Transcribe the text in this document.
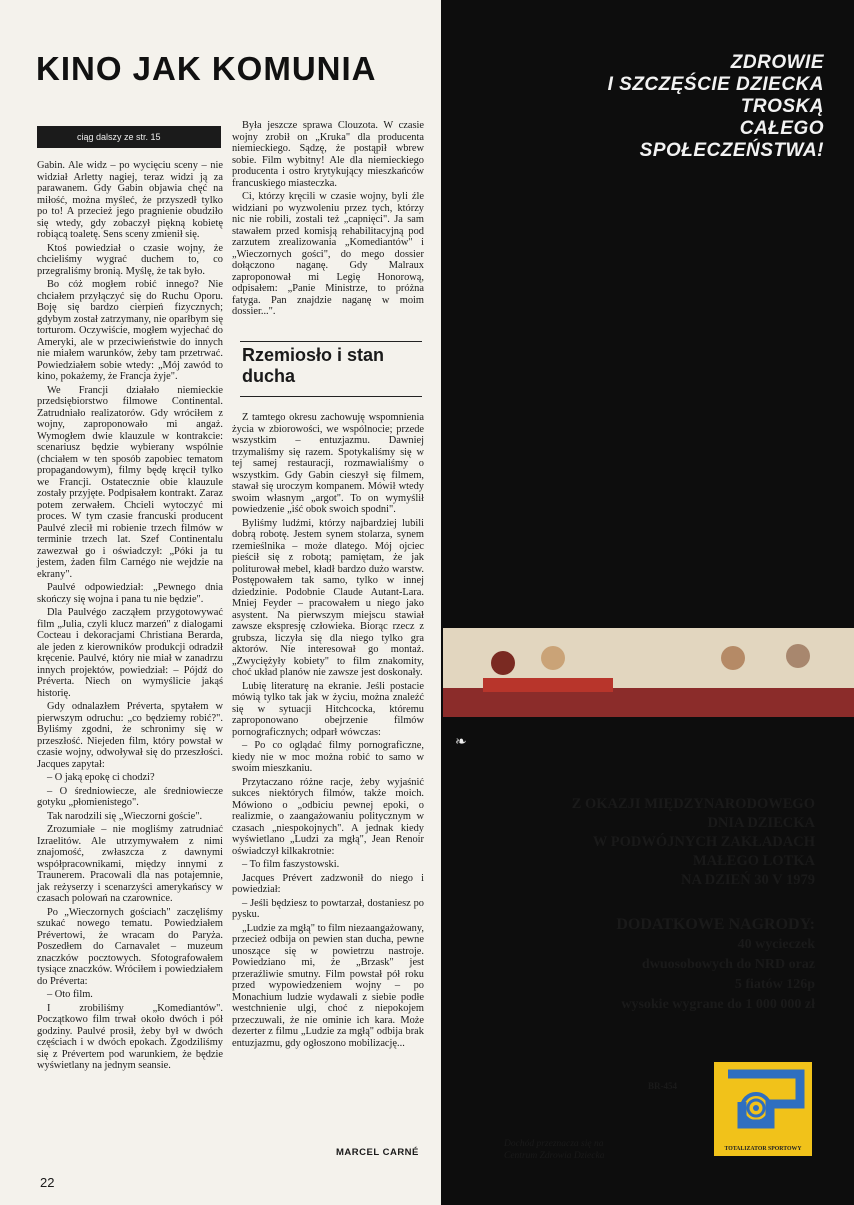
KINO JAK KOMUNIA
ciąg dalszy ze str. 15

Gabin. Ale widz – po wycięciu sceny – nie widział Arletty nagiej, teraz widzi ją za parawanem. Gdy Gabin objawia chęć na miłość, można myśleć, że przyszedł tylko po to! A przecież jego pragnienie obudziło się wtedy, gdy zobaczył piękną kobietę robiącą toaletę. Sens sceny zmienił się.

Ktoś powiedział o czasie wojny, że chcieliśmy wygrać duchem to, co przegraliśmy bronią. Myślę, że tak było.

Bo cóż mogłem robić innego? Nie chciałem przyłączyć się do Ruchu Oporu. Boję się bardzo cierpień fizycznych; gdybym został zatrzymany, nie oparłbym się torturom. Oczywiście, mogłem wyjechać do Ameryki, ale w przeciwieństwie do innych nie miałem warunków, żeby tam przetrwać. Powiedziałem sobie wtedy: „Mój zawód to kino, pokażemy, że Francja żyje".

We Francji działało niemieckie przedsiębiorstwo filmowe Continental. Zatrudniało realizatorów. Gdy wróciłem z wojny, zaproponowało mi angaż. Wymogłem dwie klauzule w kontrakcie: scenariusz będzie wybierany wspólnie (chciałem w ten sposób zapobiec tematom propagandowym), filmy będę kręcił tylko we Francji. Ostatecznie obie klauzule zostały przyjęte. Podpisałem kontrakt. Zaraz potem zerwałem. Chcieli wytoczyć mi proces. W tym czasie francuski producent Paulvé zlecił mi robienie trzech filmów w terminie trzech lat. Szef Continentalu zawezwał go i oświadczył: „Póki ja tu jestem, żaden film Carnégo nie wejdzie na ekrany".

Paulvé odpowiedział: „Pewnego dnia skończy się wojna i pana tu nie będzie".

Dla Paulvégo zacząłem przygotowywać film „Julia, czyli klucz marzeń" z dialogami Cocteau i dekoracjami Christiana Berarda, ale jeden z kierowników produkcji odradził kręcenie. Paulvé, który nie miał w zanadrzu innych projektów, powiedział: – Pójdź do Préverta. Niech on wymyślicie jakąś historię.

Gdy odnalazłem Préverta, spytałem w pierwszym odruchu: „co będziemy robić?". Byliśmy zgodni, że schronimy się w przeszłość. Niejeden film, który powstał w czasie wojny, odwoływał się do przeszłości. Jacques zapytał:

– O jaką epokę ci chodzi?

– O średniowiecze, ale średniowiecze gotyku „płomienistego".

Tak narodzili się „Wieczorni goście".

Zrozumiałe – nie mogliśmy zatrudniać Izraelitów. Ale utrzymywałem z nimi znajomość, zwłaszcza z dawnymi współpracownikami, między innymi z Traunerem. Pracowali dla nas potajemnie, jak reżyserzy i scenarzyści amerykańscy w czasach polowań na czarownice.

Po „Wieczornych gościach" zaczęliśmy szukać nowego tematu. Powiedziałem Prévertowi, że wracam do Paryża. Poszedłem do Carnavalet – muzeum znaczków pocztowych. Sfotografowałem tysiące znaczków. Wróciłem i powiedziałem do Préverta:

– Oto film.

I zrobiliśmy „Komediantów". Początkowo film trwał około dwóch i pół godziny. Paulvé prosił, żeby był w dwóch częściach i w dwóch epokach. Zgodziliśmy się z Prévertem pod warunkiem, że będzie wyświetlany na jednym seansie.

Była jeszcze sprawa Clouzota. W czasie wojny zrobił on „Kruka" dla producenta niemieckiego. Sądzę, że postąpił wbrew sobie. Film wybitny! Ale dla niemieckiego producenta i ostro krytykujący mieszkańców francuskiego miasteczka.

Ci, którzy kręcili w czasie wojny, byli źle widziani po wyzwoleniu przez tych, którzy nic nie robili, zostali też „capnięci". Ja sam stawałem przed komisją rehabilitacyjną pod zarzutem zrealizowania „Komediantów" i „Wieczornych gości", do mego dossier dołączono naganę. Gdy Malraux zaproponował mi Legię Honorową, odpisałem: „Panie Ministrze, to próżna fatyga. Pan znajdzie naganę w moim dossier...".

Rzemiosło i stan ducha

Z tamtego okresu zachowuję wspomnienia życia w zbiorowości, we wspólnocie; przede wszystkim – entuzjazmu. Dawniej trzymaliśmy się razem. Spotykaliśmy się w tej samej restauracji, rozmawialiśmy o wszystkim. Gdy Gabin cieszył się filmem, stawał się uroczym kompanem. Mówił wtedy swoim własnym „argot". To on wymyślił powiedzenie „iść obok swoich spodni".

Byliśmy ludźmi, którzy najbardziej lubili dobrą robotę. Jestem synem stolarza, synem rzemieślnika – może dlatego. Mój ojciec pieścił się z robotą; pamiętam, że jak politurował mebel, kładł bardzo dużo warstw. Postępowałem tak samo, tylko w innej dziedzinie. Podobnie Claude Autant-Lara. Mniej Feyder – pracowałem u niego jako asystent. Na pierwszym miejscu stawiał zawsze ekspresję człowieka. Biorąc rzecz z grubsza, liczyła się dla niego tylko gra aktorów. Nie interesował go montaż. „Zwyciężyły kobiety" to film znakomity, choć układ planów nie zawsze jest doskonały.

Lubię literaturę na ekranie. Jeśli postacie mówią tylko tak jak w życiu, można znaleźć się w sytuacji Hitchcocka, któremu zaproponowano obejrzenie filmów pornograficznych; odparł wówczas:

– Po co oglądać filmy pornograficzne, kiedy nie w moc można robić to samo w swoim mieszkaniu.

Przytaczano różne racje, żeby wyjaśnić sukces niektórych filmów, także moich. Mówiono o „odbiciu pewnej epoki, o realizmie, o zaangażowaniu politycznym w czasach „niespokojnych". A jednak kiedy wyświetlano „Ludzi za mgłą", Jean Renoir oświadczył kilkakrotnie:

– To film faszystowski.

Jacques Prévert zadzwonił do niego i powiedział:

– Jeśli będziesz to powtarzał, dostaniesz po pysku.

„Ludzie za mgłą" to film niezaangażowany, przecież odbija on pewien stan ducha, pewne unoszące się w powietrzu nastroje. Powiedziano mi, że „Brzask" jest przeraźliwie smutny. Film powstał pół roku przed wypowiedzeniem wojny – po Monachium ludzie wydawali z siebie podłe westchnienie ulgi, choć z niepokojem przeczuwali, że nie ominie ich kara. Może dezerter z filmu „Ludzie za mgłą" odbija brak entuzjazmu, gdy ogłoszono mobilizację...

MARCEL CARNÉ
22
ZDROWIE
I SZCZĘŚCIE DZIECKA
TROSKĄ
CAŁEGO
SPOŁECZEŃSTWA!
❧
Z OKAZJI MIĘDZYNARODOWEGO
DNIA DZIECKA
W PODWÓJNYCH ZAKŁADACH
MAŁEGO LOTKA
NA DZIEŃ 30 V 1979
DODATKOWE NAGRODY:
40 wycieczek
dwuosobowych do NRD oraz
5 fiatów 126p
wysokie wygrane do 1 000 000 zł
BR-454
TOTALIZATOR SPORTOWY
Dochód przeznacza się na
Centrum Zdrowia Dziecka
